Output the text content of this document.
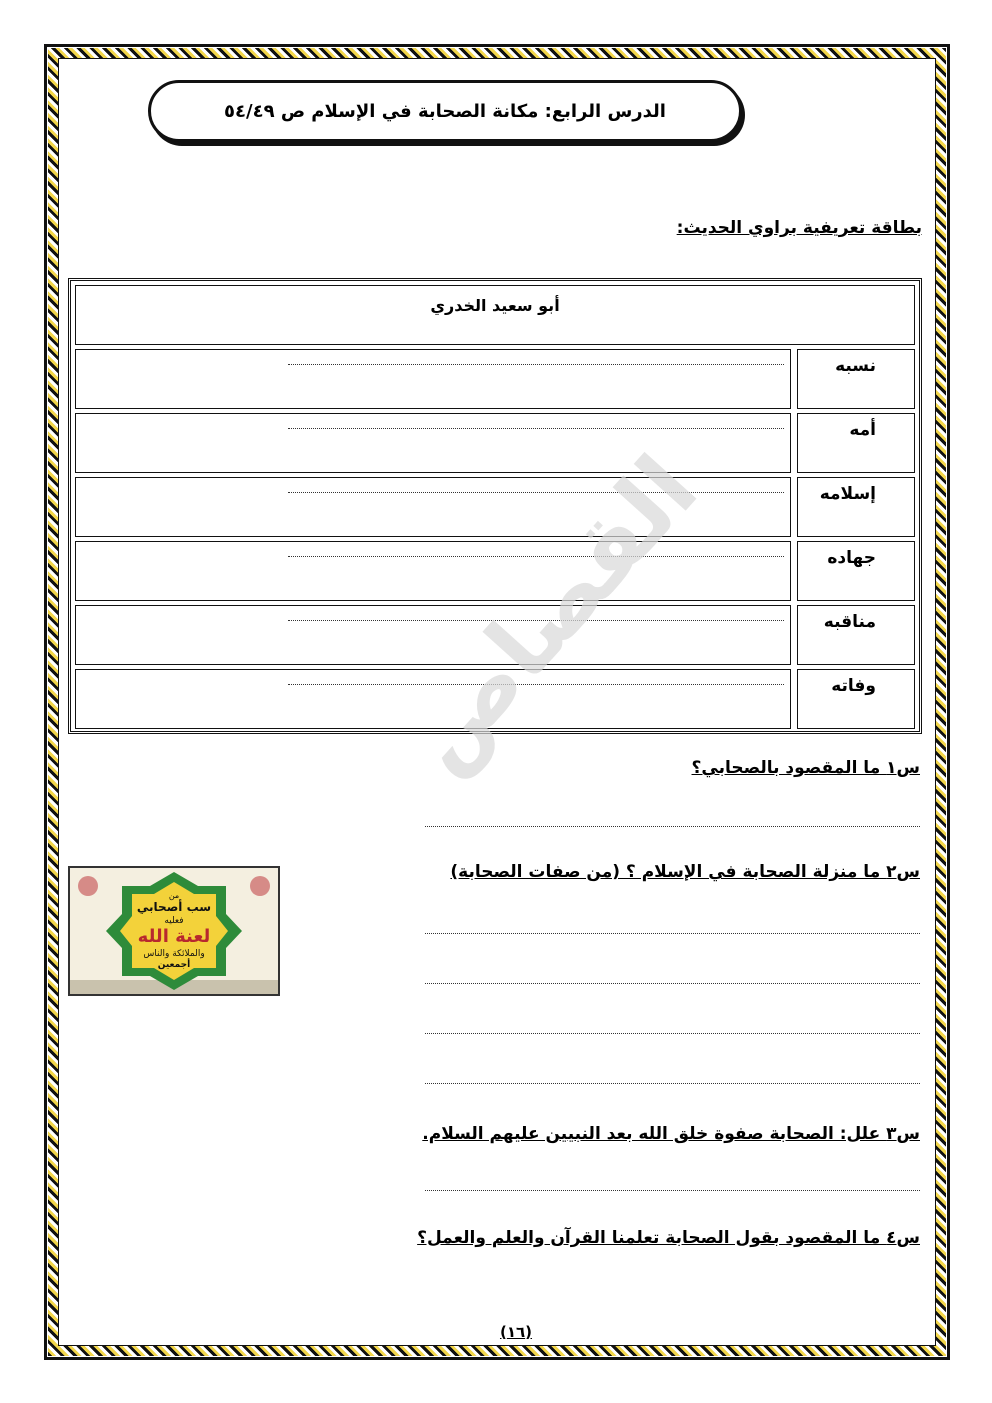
الدرس الرابع: مكانة الصحابة في الإسلام ص ٥٤/٤٩
بطاقة تعريفية براوي الحديث:
أبو سعيد الخدري
نسبه
أمه
إسلامه
جهاده
مناقبه
وفاته
القصاص
س١ ما المقصود بالصحابي؟
س٢ ما منزلة الصحابة في الإسلام ؟ (من صفات الصحابة)
س٣ علل: الصحابة صفوة خلق الله بعد النبيين عليهم السلام.
س٤ ما المقصود بقول الصحابة تعلمنا القرآن والعلم والعمل؟
من
سب أصحابي
فعليه
لعنة الله
والملائكة والناس
أجمعين
(١٦)
